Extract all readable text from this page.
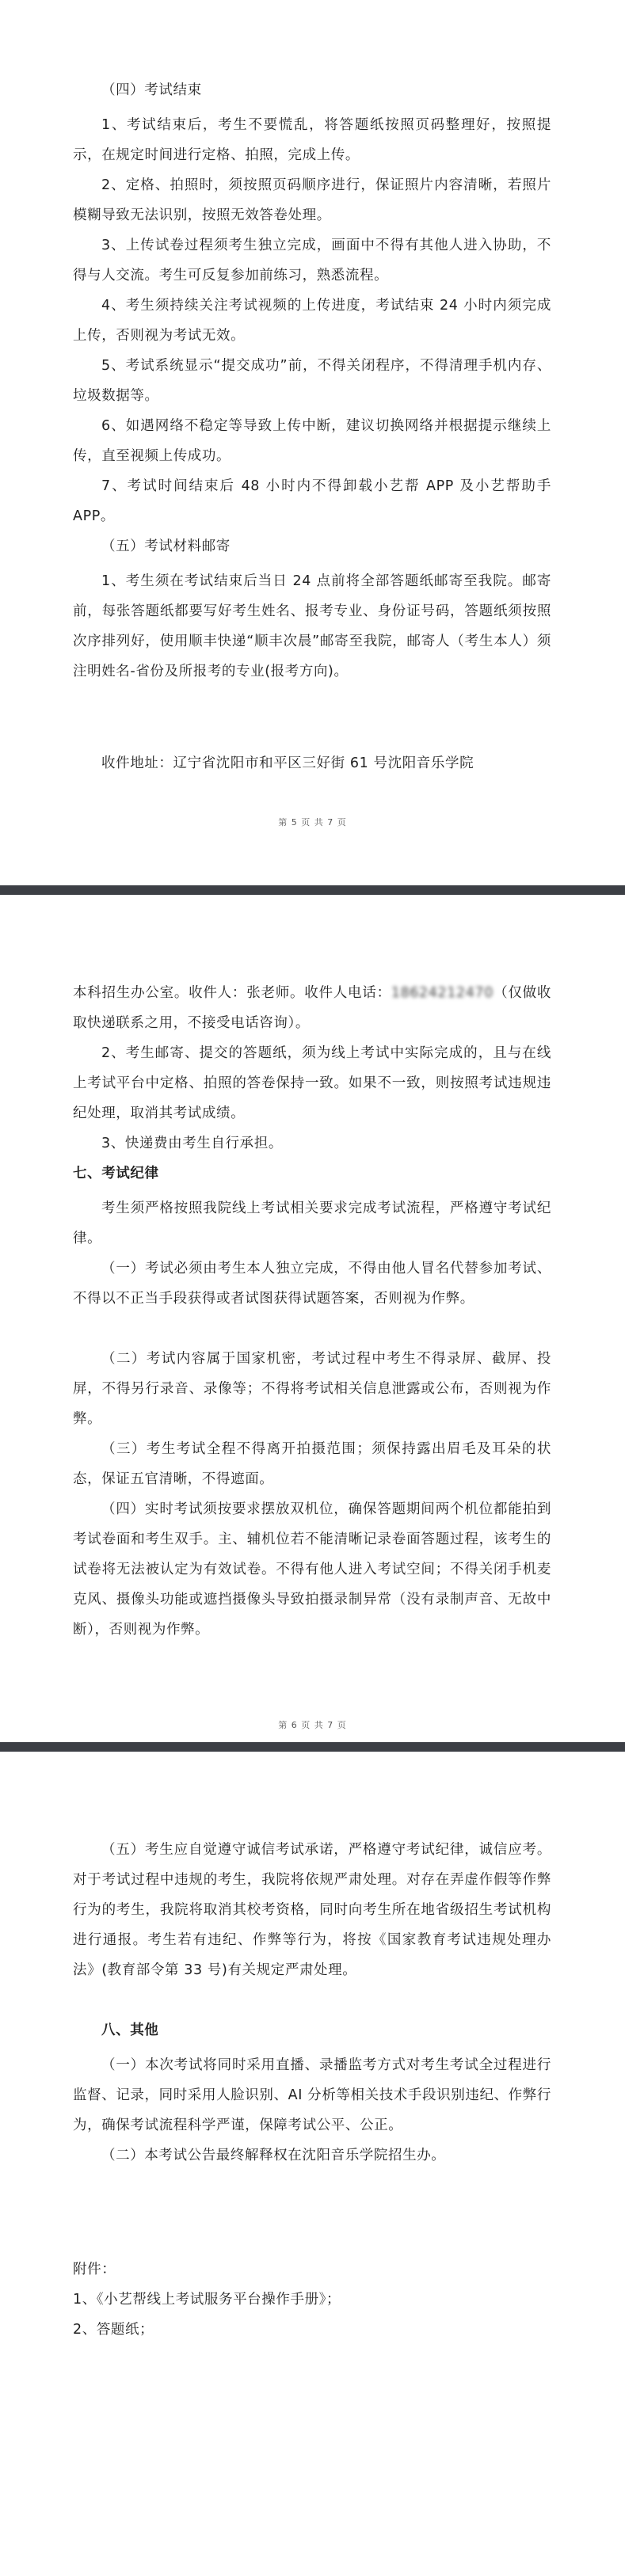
（四）考试结束

1、考试结束后，考生不要慌乱，将答题纸按照页码整理好，按照提示，在规定时间进行定格、拍照，完成上传。

2、定格、拍照时，须按照页码顺序进行，保证照片内容清晰，若照片模糊导致无法识别，按照无效答卷处理。

3、上传试卷过程须考生独立完成，画面中不得有其他人进入协助，不得与人交流。考生可反复参加前练习，熟悉流程。

4、考生须持续关注考试视频的上传进度，考试结束 24 小时内须完成上传，否则视为考试无效。

5、考试系统显示“提交成功”前，不得关闭程序，不得清理手机内存、垃圾数据等。

6、如遇网络不稳定等导致上传中断，建议切换网络并根据提示继续上传，直至视频上传成功。

7、考试时间结束后 48 小时内不得卸载小艺帮 APP 及小艺帮助手 APP。

（五）考试材料邮寄

1、考生须在考试结束后当日 24 点前将全部答题纸邮寄至我院。邮寄前，每张答题纸都要写好考生姓名、报考专业、身份证号码，答题纸须按照次序排列好，使用顺丰快递“顺丰次晨”邮寄至我院，邮寄人（考生本人）须注明姓名-省份及所报考的专业(报考方向)。

收件地址：辽宁省沈阳市和平区三好街 61 号沈阳音乐学院

第 5 页 共 7 页

本科招生办公室。收件人：张老师。收件人电话：18624212470（仅做收取快递联系之用，不接受电话咨询）。

2、考生邮寄、提交的答题纸，须为线上考试中实际完成的，且与在线上考试平台中定格、拍照的答卷保持一致。如果不一致，则按照考试违规违纪处理，取消其考试成绩。

3、快递费由考生自行承担。

七、考试纪律

考生须严格按照我院线上考试相关要求完成考试流程，严格遵守考试纪律。

（一）考试必须由考生本人独立完成，不得由他人冒名代替参加考试、不得以不正当手段获得或者试图获得试题答案，否则视为作弊。

（二）考试内容属于国家机密，考试过程中考生不得录屏、截屏、投屏，不得另行录音、录像等；不得将考试相关信息泄露或公布，否则视为作弊。

（三）考生考试全程不得离开拍摄范围；须保持露出眉毛及耳朵的状态，保证五官清晰，不得遮面。

（四）实时考试须按要求摆放双机位，确保答题期间两个机位都能拍到考试卷面和考生双手。主、辅机位若不能清晰记录卷面答题过程，该考生的试卷将无法被认定为有效试卷。不得有他人进入考试空间；不得关闭手机麦克风、摄像头功能或遮挡摄像头导致拍摄录制异常（没有录制声音、无故中断），否则视为作弊。

第 6 页 共 7 页

（五）考生应自觉遵守诚信考试承诺，严格遵守考试纪律，诚信应考。对于考试过程中违规的考生，我院将依规严肃处理。对存在弄虚作假等作弊行为的考生，我院将取消其校考资格，同时向考生所在地省级招生考试机构进行通报。考生若有违纪、作弊等行为，将按《国家教育考试违规处理办法》(教育部令第 33 号)有关规定严肃处理。

八、其他

（一）本次考试将同时采用直播、录播监考方式对考生考试全过程进行监督、记录，同时采用人脸识别、AI 分析等相关技术手段识别违纪、作弊行为，确保考试流程科学严谨，保障考试公平、公正。

（二）本考试公告最终解释权在沈阳音乐学院招生办。

附件：

1、《小艺帮线上考试服务平台操作手册》；

2、答题纸；
